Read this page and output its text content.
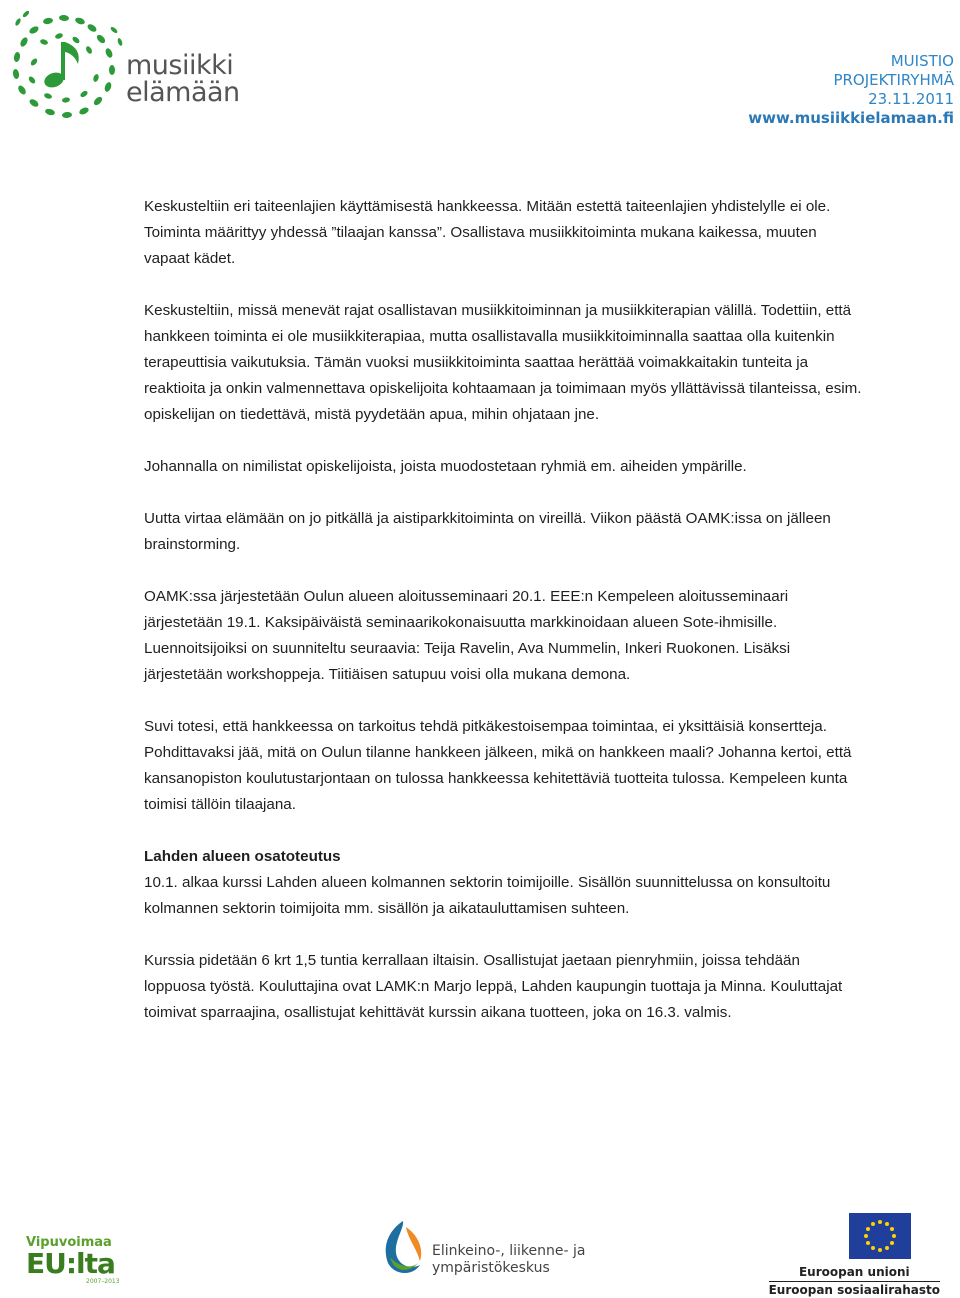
musiikki
elämään
MUISTIO
PROJEKTIRYHMÄ
23.11.2011
www.musiikkielamaan.fi

Keskusteltiin eri taiteenlajien käyttämisestä hankkeessa. Mitään estettä taiteenlajien yhdistelylle ei ole. Toiminta määrittyy yhdessä ”tilaajan kanssa”. Osallistava musiikkitoiminta mukana kaikessa, muuten vapaat kädet.

Keskusteltiin, missä menevät rajat osallistavan musiikkitoiminnan ja musiikkiterapian välillä. Todettiin, että hankkeen toiminta ei ole musiikkiterapiaa, mutta osallistavalla musiikkitoiminnalla saattaa olla kuitenkin terapeuttisia vaikutuksia. Tämän vuoksi musiikkitoiminta saattaa herättää voimakkaitakin tunteita ja reaktioita ja onkin valmennettava opiskelijoita kohtaamaan ja toimimaan myös yllättävissä tilanteissa, esim. opiskelijan on tiedettävä, mistä pyydetään apua, mihin ohjataan jne.

Johannalla on nimilistat opiskelijoista, joista muodostetaan ryhmiä em. aiheiden ympärille.

Uutta virtaa elämään on jo pitkällä ja aistiparkkitoiminta on vireillä. Viikon päästä OAMK:issa on jälleen brainstorming.

OAMK:ssa järjestetään Oulun alueen aloitusseminaari 20.1. EEE:n Kempeleen aloitusseminaari järjestetään 19.1. Kaksipäiväistä seminaarikokonaisuutta markkinoidaan alueen Sote-ihmisille. Luennoitsijoiksi on suunniteltu seuraavia: Teija Ravelin, Ava Nummelin, Inkeri Ruokonen. Lisäksi järjestetään workshoppeja. Tiitiäisen satupuu voisi olla mukana demona.

Suvi totesi, että hankkeessa on tarkoitus tehdä pitkäkestoisempaa toimintaa, ei yksittäisiä konsertteja. Pohdittavaksi jää, mitä on Oulun tilanne hankkeen jälkeen, mikä on hankkeen maali? Johanna kertoi, että kansanopiston koulutustarjontaan on tulossa hankkeessa kehitettäviä tuotteita tulossa. Kempeleen kunta toimisi tällöin tilaajana.

Lahden alueen osatoteutus
10.1. alkaa kurssi Lahden alueen kolmannen sektorin toimijoille. Sisällön suunnittelussa on konsultoitu kolmannen sektorin toimijoita mm. sisällön ja aikatauluttamisen suhteen.

Kurssia pidetään 6 krt 1,5 tuntia kerrallaan iltaisin. Osallistujat jaetaan pienryhmiin, joissa tehdään loppuosa työstä. Kouluttajina ovat LAMK:n Marjo leppä, Lahden kaupungin tuottaja ja Minna. Kouluttajat toimivat sparraajina, osallistujat kehittävät kurssin aikana tuotteen, joka on 16.3. valmis.

Vipuvoimaa
EU:lta
2007–2013
Elinkeino-, liikenne- ja
ympäristökeskus	Euroopan unioni
Euroopan sosiaalirahasto
